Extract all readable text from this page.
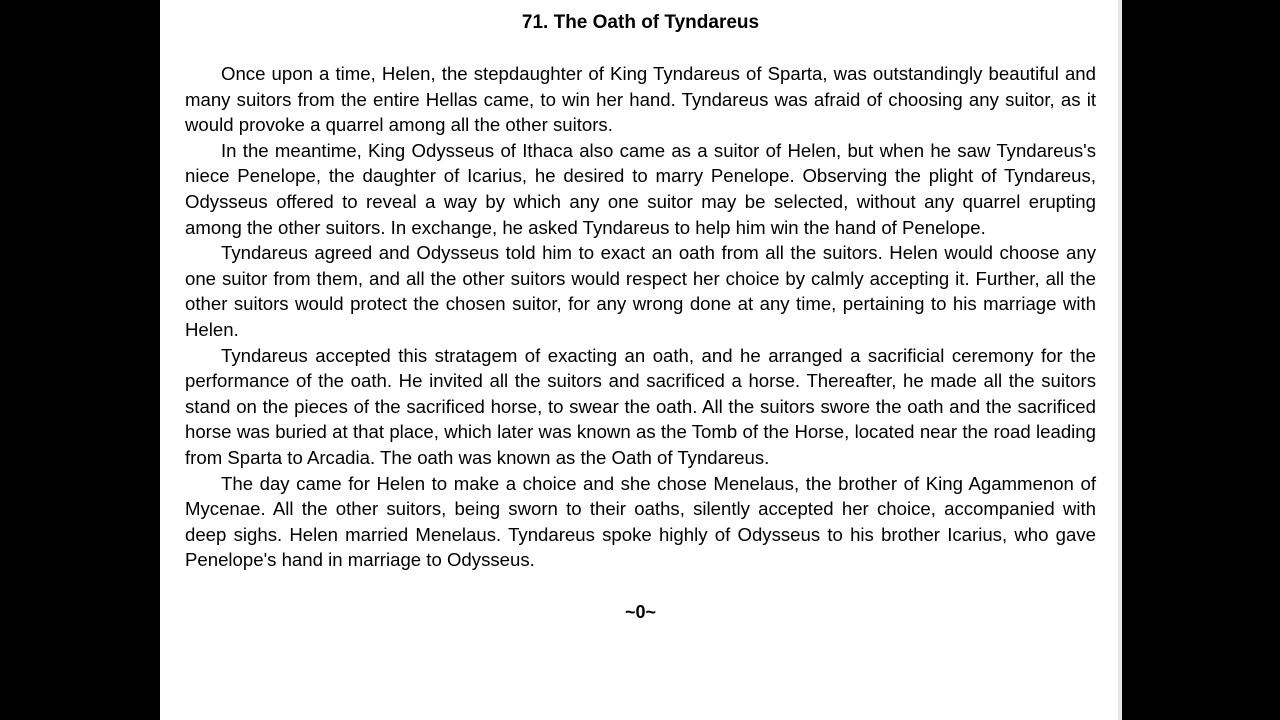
71. The Oath of Tyndareus

Once upon a time, Helen, the stepdaughter of King Tyndareus of Sparta, was outstandingly beautiful and many suitors from the entire Hellas came, to win her hand. Tyndareus was afraid of choosing any suitor, as it would provoke a quarrel among all the other suitors.

In the meantime, King Odysseus of Ithaca also came as a suitor of Helen, but when he saw Tyndareus's niece Penelope, the daughter of Icarius, he desired to marry Penelope. Observing the plight of Tyndareus, Odysseus offered to reveal a way by which any one suitor may be selected, without any quarrel erupting among the other suitors. In exchange, he asked Tyndareus to help him win the hand of Penelope.

Tyndareus agreed and Odysseus told him to exact an oath from all the suitors. Helen would choose any one suitor from them, and all the other suitors would respect her choice by calmly accepting it. Further, all the other suitors would protect the chosen suitor, for any wrong done at any time, pertaining to his marriage with Helen.

Tyndareus accepted this stratagem of exacting an oath, and he arranged a sacrificial ceremony for the performance of the oath. He invited all the suitors and sacrificed a horse. Thereafter, he made all the suitors stand on the pieces of the sacrificed horse, to swear the oath. All the suitors swore the oath and the sacrificed horse was buried at that place, which later was known as the Tomb of the Horse, located near the road leading from Sparta to Arcadia. The oath was known as the Oath of Tyndareus.

The day came for Helen to make a choice and she chose Menelaus, the brother of King Agammenon of Mycenae. All the other suitors, being sworn to their oaths, silently accepted her choice, accompanied with deep sighs. Helen married Menelaus. Tyndareus spoke highly of Odysseus to his brother Icarius, who gave Penelope's hand in marriage to Odysseus.

~0~
